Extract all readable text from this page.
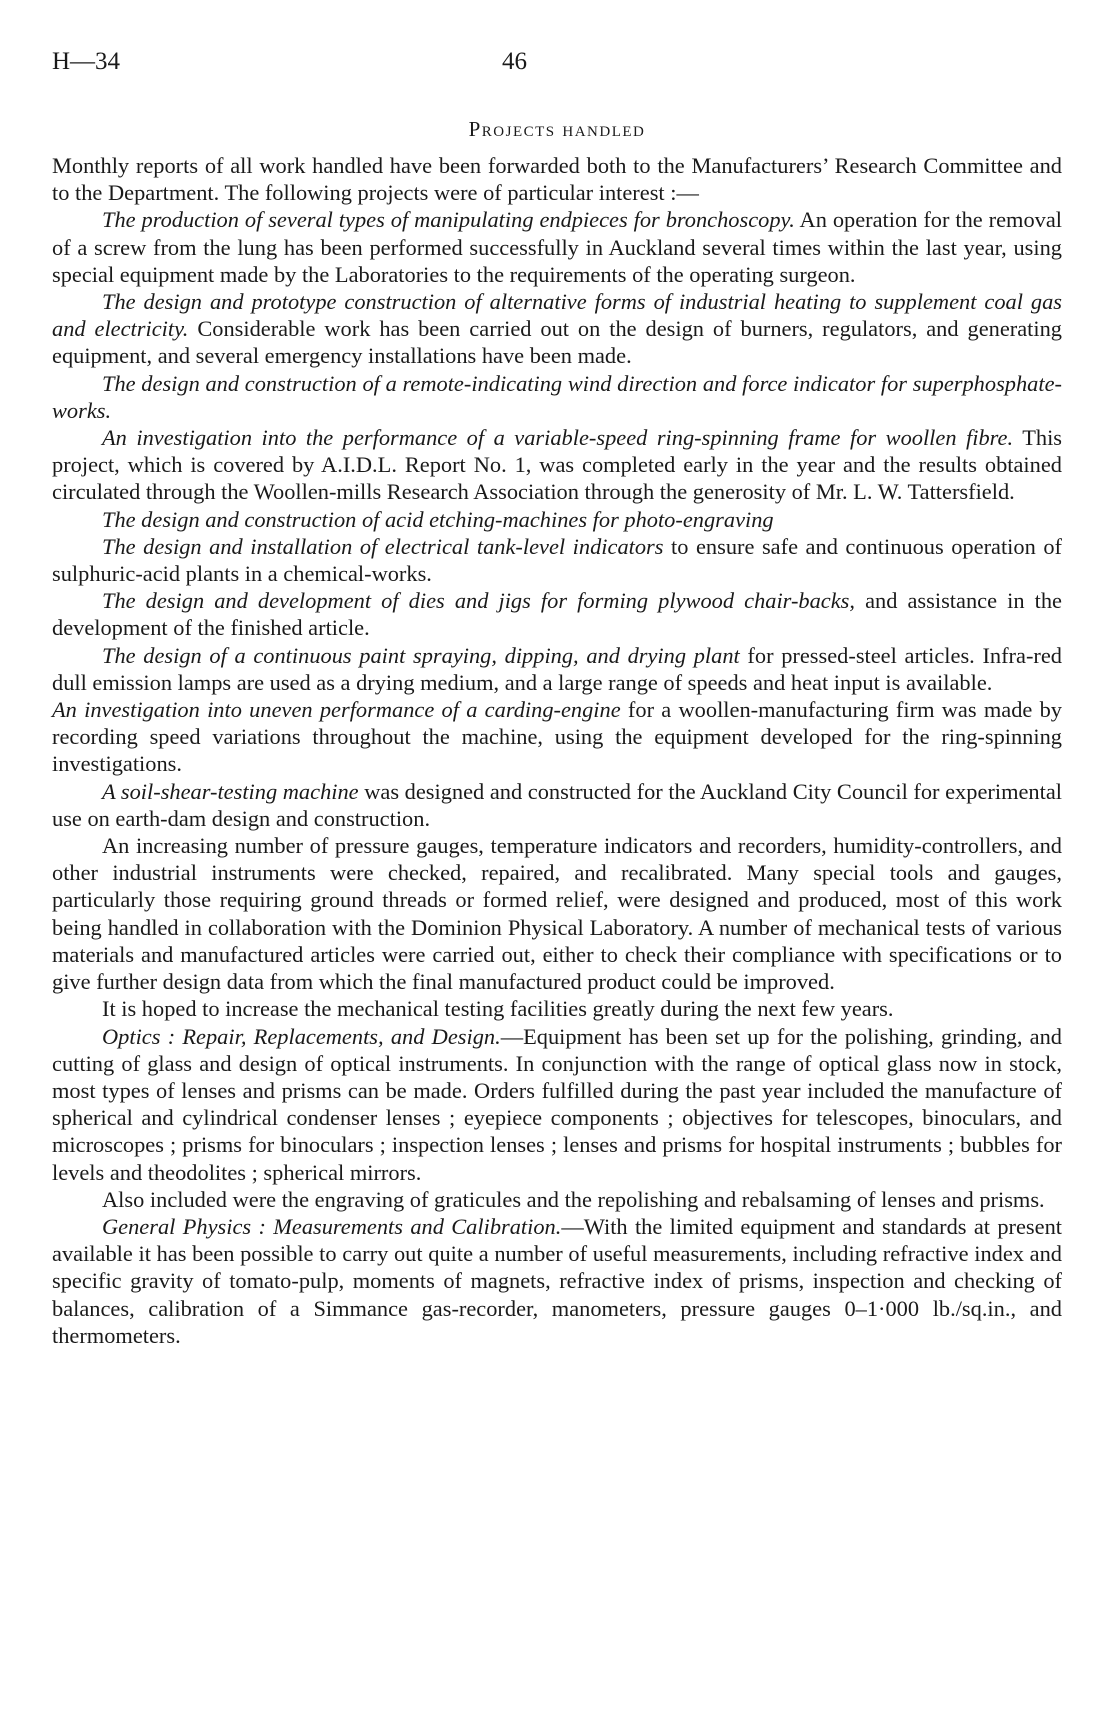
H—34	46
Projects handled

Monthly reports of all work handled have been forwarded both to the Manufacturers’ Research Committee and to the Department. The following projects were of particular interest :—

The production of several types of manipulating endpieces for bronchoscopy. An operation for the removal of a screw from the lung has been performed successfully in Auckland several times within the last year, using special equipment made by the Laboratories to the requirements of the operating surgeon.

The design and prototype construction of alternative forms of industrial heating to supplement coal gas and electricity. Considerable work has been carried out on the design of burners, regulators, and generating equipment, and several emergency installations have been made.

The design and construction of a remote-indicating wind direction and force indicator for superphosphate-works.

An investigation into the performance of a variable-speed ring-spinning frame for woollen fibre. This project, which is covered by A.I.D.L. Report No. 1, was completed early in the year and the results obtained circulated through the Woollen-mills Research Association through the generosity of Mr. L. W. Tattersfield.

The design and construction of acid etching-machines for photo-engraving

The design and installation of electrical tank-level indicators to ensure safe and continuous operation of sulphuric-acid plants in a chemical-works.

The design and development of dies and jigs for forming plywood chair-backs, and assistance in the development of the finished article.

The design of a continuous paint spraying, dipping, and drying plant for pressed-steel articles. Infra-red dull emission lamps are used as a drying medium, and a large range of speeds and heat input is available.

An investigation into uneven performance of a carding-engine for a woollen-manufacturing firm was made by recording speed variations throughout the machine, using the equipment developed for the ring-spinning investigations.

A soil-shear-testing machine was designed and constructed for the Auckland City Council for experimental use on earth-dam design and construction.

An increasing number of pressure gauges, temperature indicators and recorders, humidity-controllers, and other industrial instruments were checked, repaired, and recalibrated. Many special tools and gauges, particularly those requiring ground threads or formed relief, were designed and produced, most of this work being handled in collaboration with the Dominion Physical Laboratory. A number of mechanical tests of various materials and manufactured articles were carried out, either to check their compliance with specifications or to give further design data from which the final manufactured product could be improved.

It is hoped to increase the mechanical testing facilities greatly during the next few years.

Optics : Repair, Replacements, and Design.—Equipment has been set up for the polishing, grinding, and cutting of glass and design of optical instruments. In conjunction with the range of optical glass now in stock, most types of lenses and prisms can be made. Orders fulfilled during the past year included the manufacture of spherical and cylindrical condenser lenses ; eyepiece components ; objectives for telescopes, binoculars, and microscopes ; prisms for binoculars ; inspection lenses ; lenses and prisms for hospital instruments ; bubbles for levels and theodolites ; spherical mirrors.

Also included were the engraving of graticules and the repolishing and rebalsaming of lenses and prisms.

General Physics : Measurements and Calibration.—With the limited equipment and standards at present available it has been possible to carry out quite a number of useful measurements, including refractive index and specific gravity of tomato-pulp, moments of magnets, refractive index of prisms, inspection and checking of balances, calibration of a Simmance gas-recorder, manometers, pressure gauges 0–1·000 lb./sq.in., and thermometers.
